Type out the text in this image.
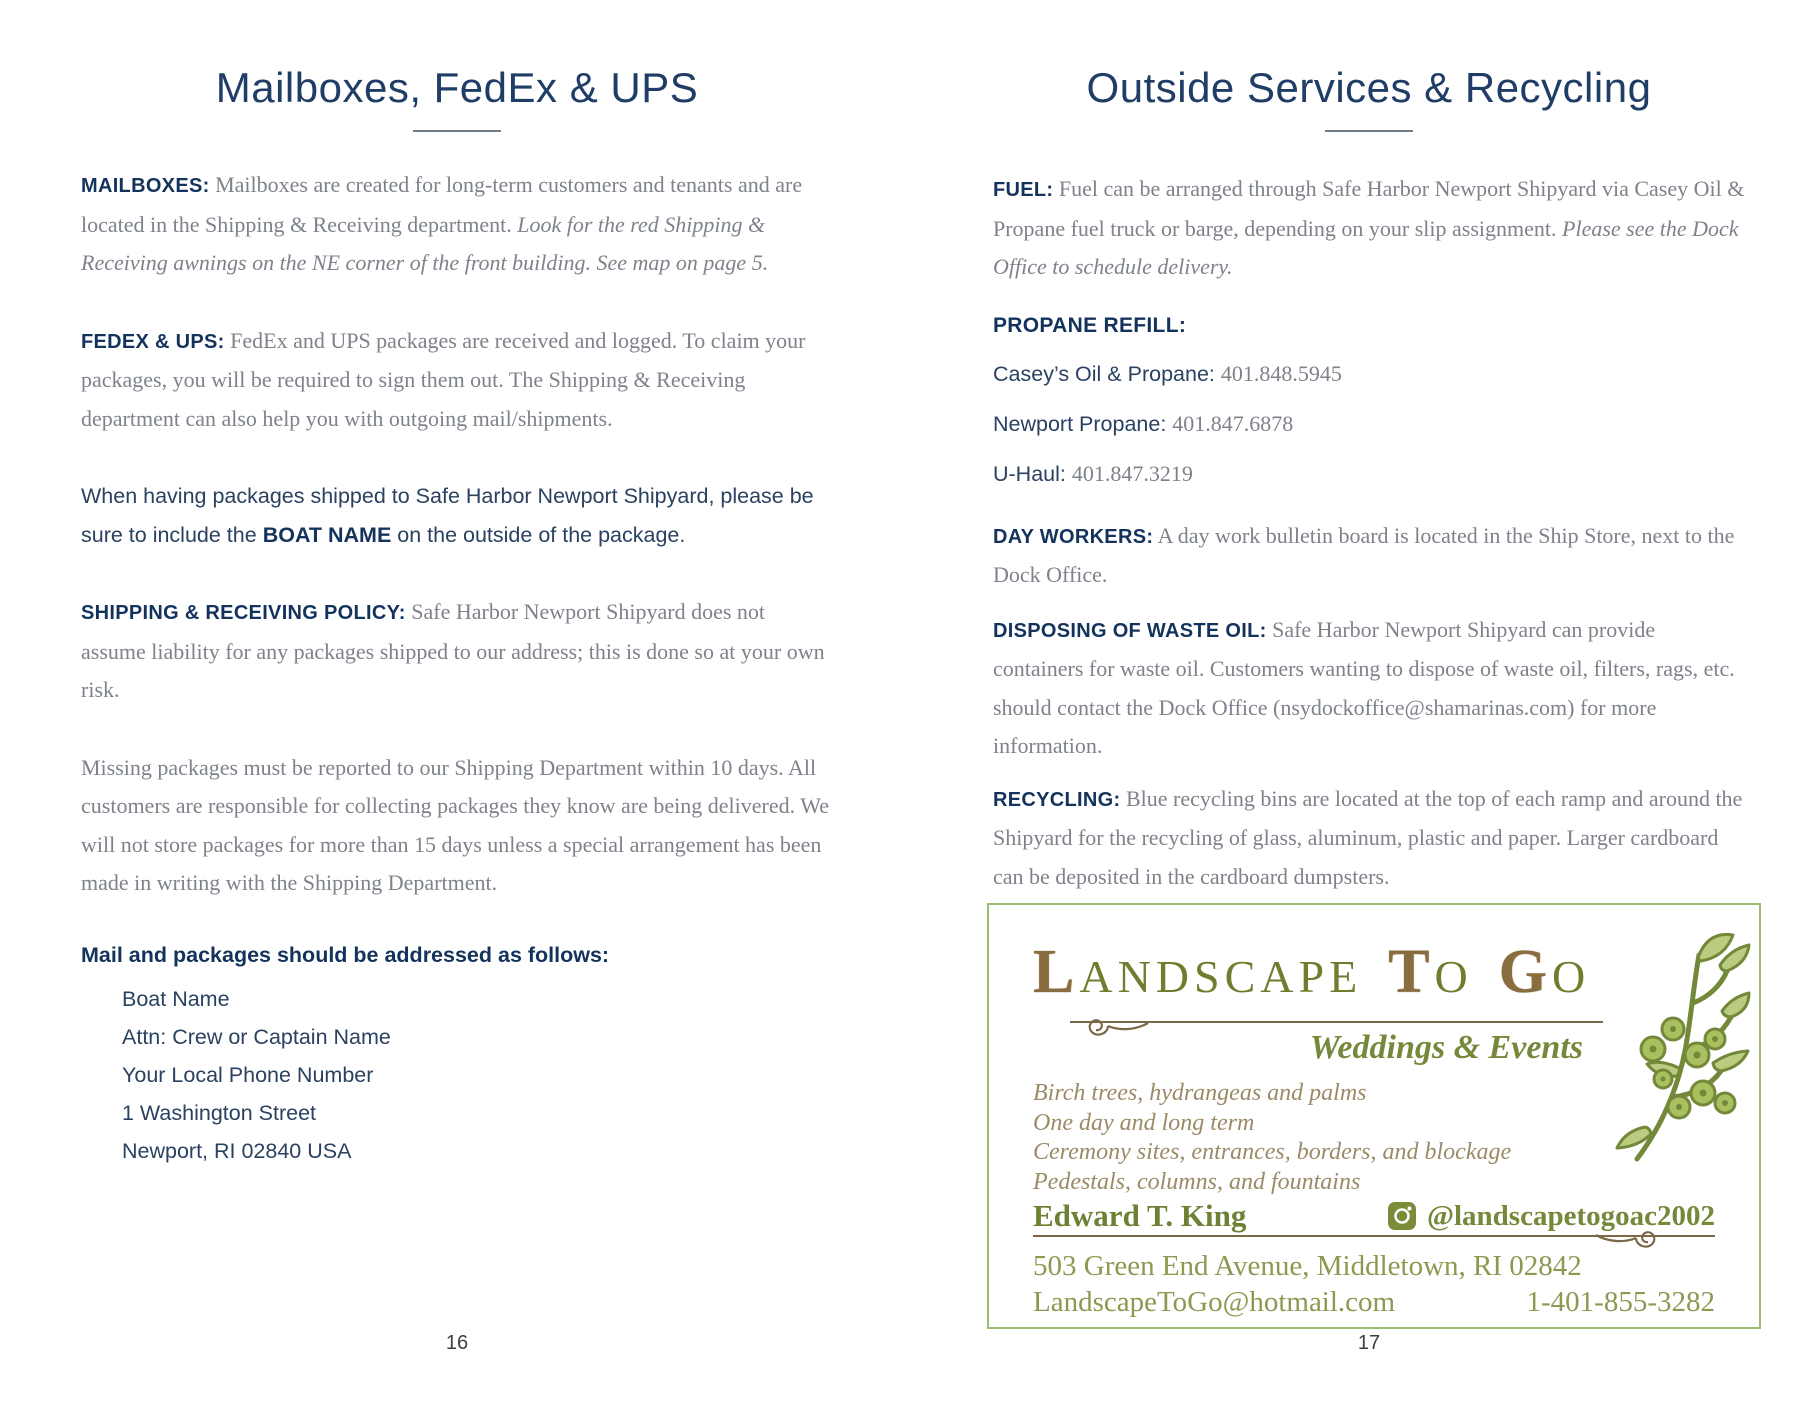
Mailboxes, FedEx & UPS

MAILBOXES: Mailboxes are created for long-term customers and tenants and are located in the Shipping & Receiving department. Look for the red Shipping & Receiving awnings on the NE corner of the front building. See map on page 5.

FEDEX & UPS: FedEx and UPS packages are received and logged. To claim your packages, you will be required to sign them out. The Shipping & Receiving department can also help you with outgoing mail/shipments.

When having packages shipped to Safe Harbor Newport Shipyard, please be sure to include the BOAT NAME on the outside of the package.

SHIPPING & RECEIVING POLICY: Safe Harbor Newport Shipyard does not assume liability for any packages shipped to our address; this is done so at your own risk.

Missing packages must be reported to our Shipping Department within 10 days. All customers are responsible for collecting packages they know are being delivered. We will not store packages for more than 15 days unless a special arrangement has been made in writing with the Shipping Department.

Mail and packages should be addressed as follows:
Boat Name
Attn: Crew or Captain Name
Your Local Phone Number
1 Washington Street
Newport, RI 02840 USA
16
Outside Services & Recycling

FUEL: Fuel can be arranged through Safe Harbor Newport Shipyard via Casey Oil & Propane fuel truck or barge, depending on your slip assignment. Please see the Dock Office to schedule delivery.

PROPANE REFILL:

Casey’s Oil & Propane: 401.848.5945

Newport Propane: 401.847.6878

U-Haul: 401.847.3219

DAY WORKERS: A day work bulletin board is located in the Ship Store, next to the Dock Office.

DISPOSING OF WASTE OIL: Safe Harbor Newport Shipyard can provide containers for waste oil. Customers wanting to dispose of waste oil, filters, rags, etc. should contact the Dock Office (nsydockoffice@shamarinas.com) for more information.

RECYCLING: Blue recycling bins are located at the top of each ramp and around the Shipyard for the recycling of glass, aluminum, plastic and paper. Larger cardboard can be deposited in the cardboard dumpsters.

LANDSCAPE TO GO
Weddings & Events
Birch trees, hydrangeas and palms
One day and long term
Ceremony sites, entrances, borders, and blockage
Pedestals, columns, and fountains
Edward T. King	@landscapetogoac2002
503 Green End Avenue, Middletown, RI 02842
LandscapeToGo@hotmail.com	1-401-855-3282
17
